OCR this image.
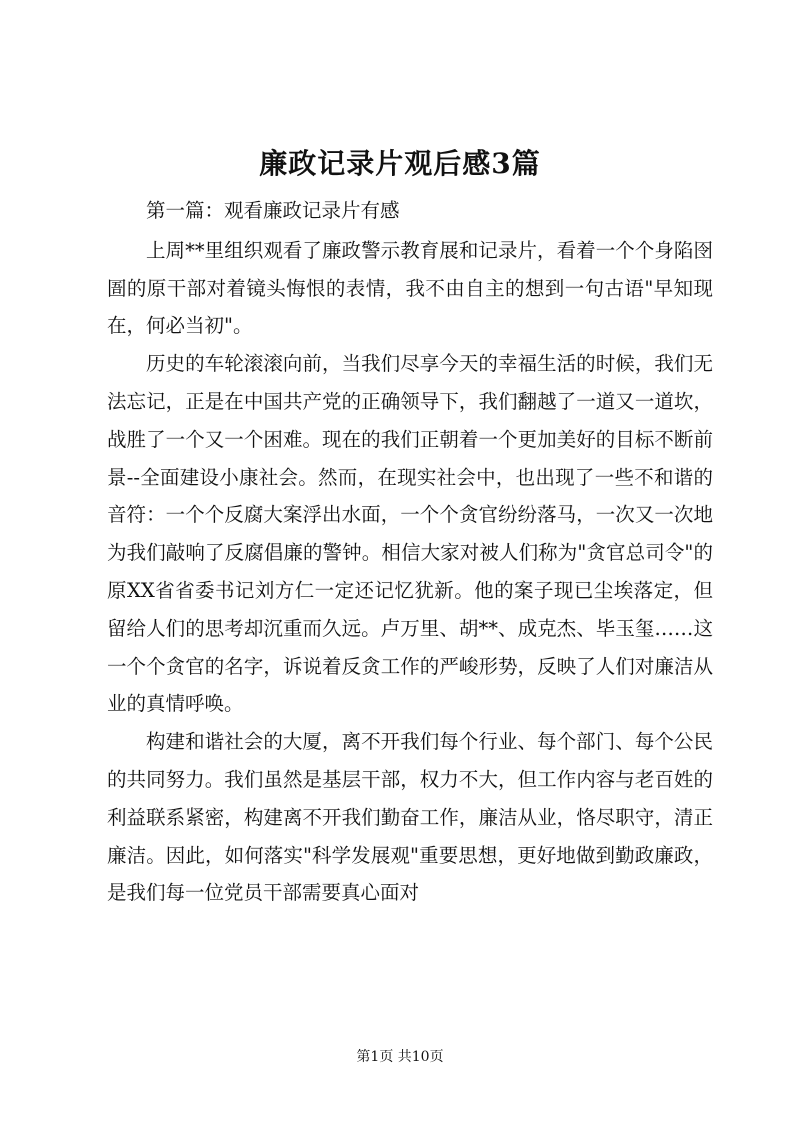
廉政记录片观后感3篇

第一篇：观看廉政记录片有感

上周**里组织观看了廉政警示教育展和记录片，看着一个个身陷囹圄的原干部对着镜头悔恨的表情，我不由自主的想到一句古语"早知现在，何必当初"。

历史的车轮滚滚向前，当我们尽享今天的幸福生活的时候，我们无法忘记，正是在中国共产党的正确领导下，我们翻越了一道又一道坎，战胜了一个又一个困难。现在的我们正朝着一个更加美好的目标不断前景--全面建设小康社会。然而，在现实社会中，也出现了一些不和谐的音符：一个个反腐大案浮出水面，一个个贪官纷纷落马，一次又一次地为我们敲响了反腐倡廉的警钟。相信大家对被人们称为"贪官总司令"的原XX省省委书记刘方仁一定还记忆犹新。他的案子现已尘埃落定，但留给人们的思考却沉重而久远。卢万里、胡**、成克杰、毕玉玺……这一个个贪官的名字，诉说着反贪工作的严峻形势，反映了人们对廉洁从业的真情呼唤。

构建和谐社会的大厦，离不开我们每个行业、每个部门、每个公民的共同努力。我们虽然是基层干部，权力不大，但工作内容与老百姓的利益联系紧密，构建离不开我们勤奋工作，廉洁从业，恪尽职守，清正廉洁。因此，如何落实"科学发展观"重要思想，更好地做到勤政廉政，是我们每一位党员干部需要真心面对

第1页 共10页
